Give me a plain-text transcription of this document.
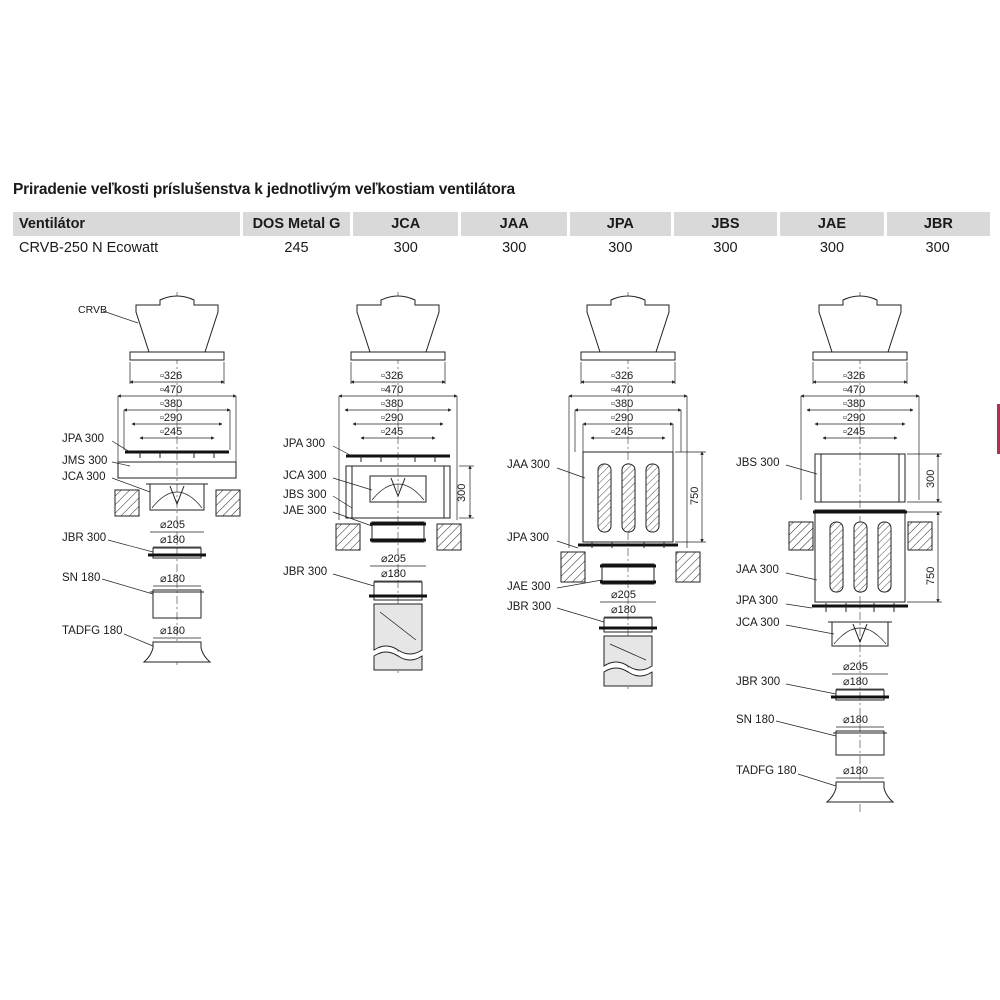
Priradenie veľkosti príslušenstva k jednotlivým veľkostiam ventilátora
Ventilátor	DOS Metal G	JCA	JAA	JPA	JBS	JAE	JBR
CRVB-250 N Ecowatt	245	300	300	300	300	300	300
CRVB
▫326
▫470
▫380
▫290
▫245
JPA 300
JMS 300
JCA 300
⌀205
⌀180
JBR 300
⌀180
SN 180
⌀180
TADFG 180
▫326
▫470
▫380
▫290
▫245
300
JPA 300
JCA 300
JBS 300
JAE 300
⌀205
⌀180
JBR 300
▫326
▫470
▫380
▫290
▫245
750
JAA 300
JPA 300
JAE 300
⌀205
⌀180
JBR 300
▫326
▫470
▫380
▫290
▫245
300
JBS 300
750
JAA 300
JPA 300
JCA 300
⌀205
⌀180
JBR 300
⌀180
SN 180
⌀180
TADFG 180
